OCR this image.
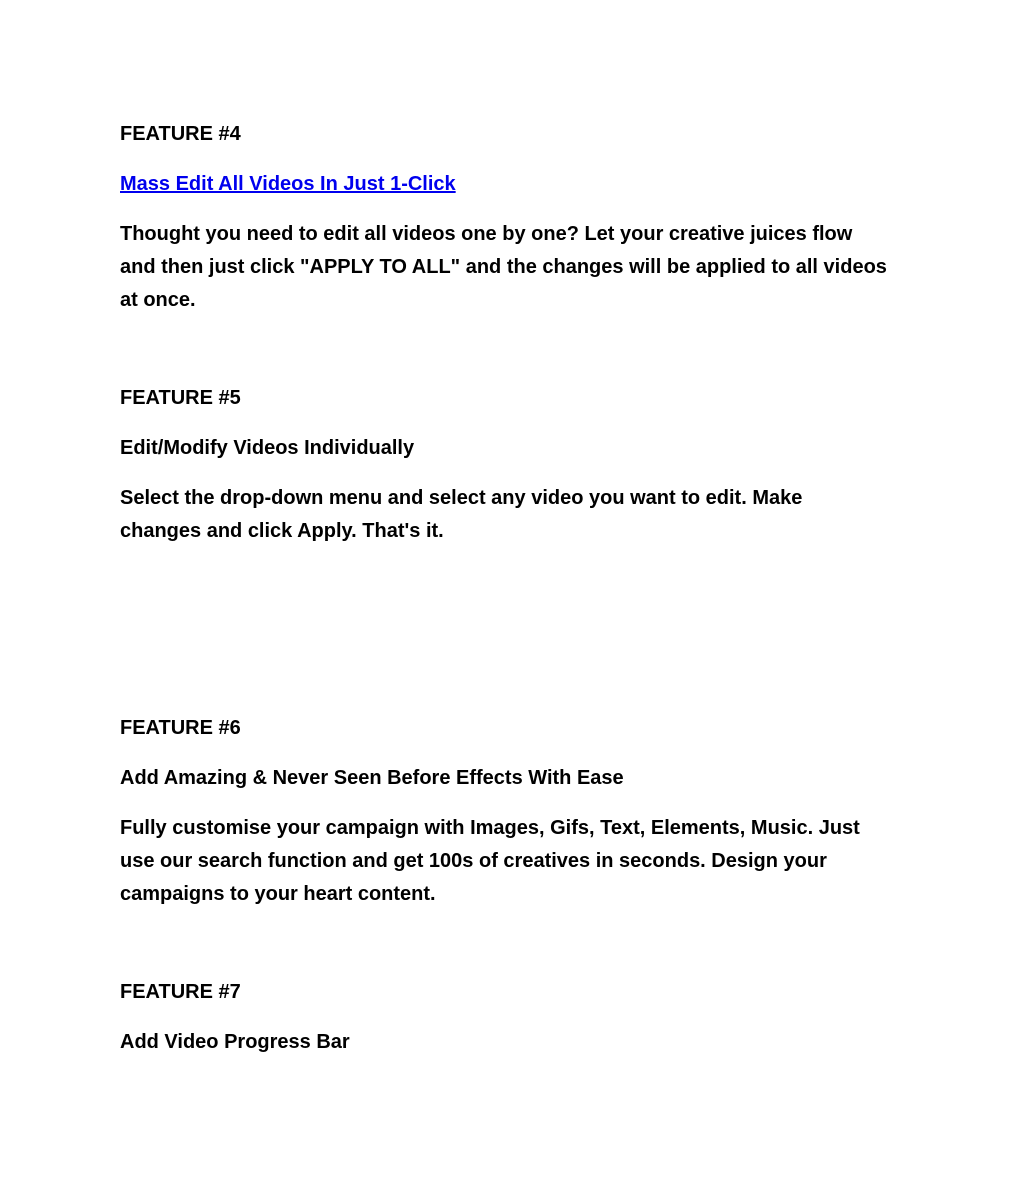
FEATURE #4

Mass Edit All Videos In Just 1-Click
Thought you need to edit all videos one by one? Let your creative juices flow
and then just click "APPLY TO ALL" and the changes will be applied to all videos
at once.

FEATURE #5

Edit/Modify Videos Individually

Select the drop-down menu and select any video you want to edit. Make
changes and click Apply. That's it.

FEATURE #6

Add Amazing & Never Seen Before Effects With Ease

Fully customise your campaign with Images, Gifs, Text, Elements, Music. Just
use our search function and get 100s of creatives in seconds. Design your
campaigns to your heart content.

FEATURE #7

Add Video Progress Bar
